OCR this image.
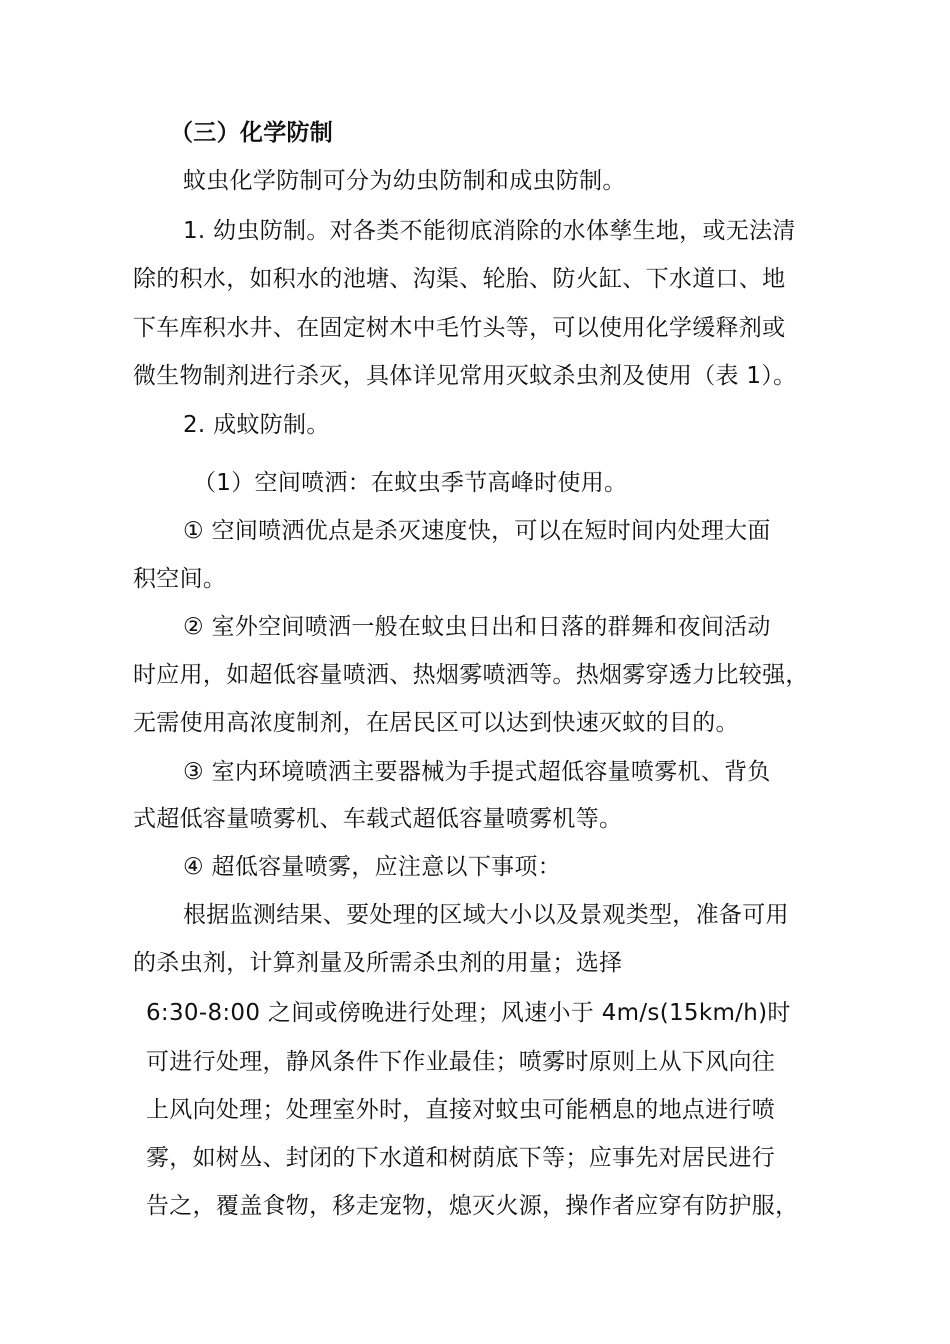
（三）化学防制
蚊虫化学防制可分为幼虫防制和成虫防制。
1. 幼虫防制。对各类不能彻底消除的水体孳生地，或无法清
除的积水，如积水的池塘、沟渠、轮胎、防火缸、下水道口、地
下车库积水井、在固定树木中毛竹头等，可以使用化学缓释剂或
微生物制剂进行杀灭，具体详见常用灭蚊杀虫剂及使用（表 1）。
2. 成蚊防制。
（1）空间喷洒：在蚊虫季节高峰时使用。
① 空间喷洒优点是杀灭速度快，可以在短时间内处理大面
积空间。
② 室外空间喷洒一般在蚊虫日出和日落的群舞和夜间活动
时应用，如超低容量喷洒、热烟雾喷洒等。热烟雾穿透力比较强，
无需使用高浓度制剂，在居民区可以达到快速灭蚊的目的。
③ 室内环境喷洒主要器械为手提式超低容量喷雾机、背负
式超低容量喷雾机、车载式超低容量喷雾机等。
④ 超低容量喷雾，应注意以下事项：
根据监测结果、要处理的区域大小以及景观类型，准备可用
的杀虫剂，计算剂量及所需杀虫剂的用量；选择
6:30-8:00 之间或傍晚进行处理；风速小于 4m/s(15km/h)时
可进行处理，静风条件下作业最佳；喷雾时原则上从下风向往
上风向处理；处理室外时，直接对蚊虫可能栖息的地点进行喷
雾，如树丛、封闭的下水道和树荫底下等；应事先对居民进行
告之，覆盖食物，移走宠物，熄灭火源，操作者应穿有防护服，
